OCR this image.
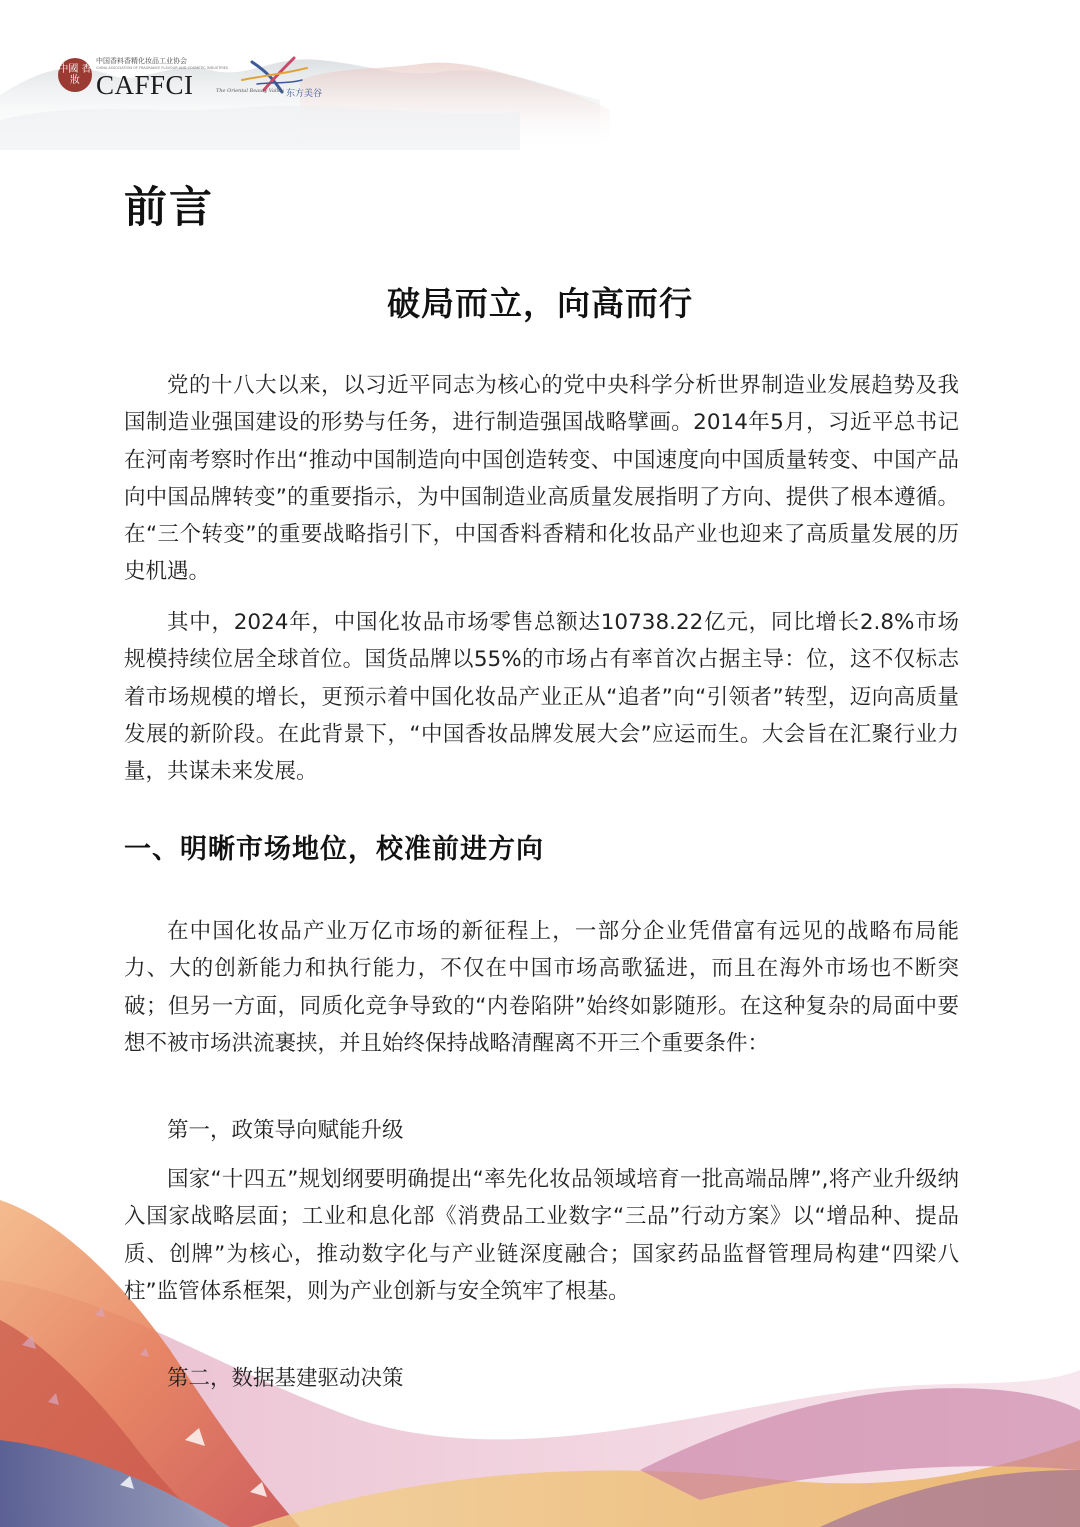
中國 香妝
中国香料香精化妆品工业协会
CHINA ASSOCIATION OF FRAGRANCE FLAVOUR AND COSMETIC INDUSTRIES
CAFFCI	The Oriental Beauty Valley 东方美谷
前言
破局而立，向高而行

党的十八大以来，以习近平同志为核心的党中央科学分析世界制造业发展趋势及我国制造业强国建设的形势与任务，进行制造强国战略擘画。2014年5月，习近平总书记在河南考察时作出“推动中国制造向中国创造转变、中国速度向中国质量转变、中国产品向中国品牌转变”的重要指示，为中国制造业高质量发展指明了方向、提供了根本遵循。在“三个转变”的重要战略指引下，中国香料香精和化妆品产业也迎来了高质量发展的历史机遇。

其中，2024年，中国化妆品市场零售总额达10738.22亿元，同比增长2.8%市场规模持续位居全球首位。国货品牌以55%的市场占有率首次占据主导：位，这不仅标志着市场规模的增长，更预示着中国化妆品产业正从“追者”向“引领者”转型，迈向高质量发展的新阶段。在此背景下，“中国香妆品牌发展大会”应运而生。大会旨在汇聚行业力量，共谋未来发展。

一、明晰市场地位，校准前进方向

在中国化妆品产业万亿市场的新征程上，一部分企业凭借富有远见的战略布局能力、大的创新能力和执行能力，不仅在中国市场高歌猛进，而且在海外市场也不断突破；但另一方面，同质化竞争导致的“内卷陷阱”始终如影随形。在这种复杂的局面中要想不被市场洪流裹挟，并且始终保持战略清醒离不开三个重要条件：

第一，政策导向赋能升级

国家“十四五”规划纲要明确提出“率先化妆品领域培育一批高端品牌”,将产业升级纳入国家战略层面；工业和息化部《消费品工业数字“三品”行动方案》以“增品种、提品质、创牌”为核心，推动数字化与产业链深度融合；国家药品监督管理局构建“四梁八柱”监管体系框架，则为产业创新与安全筑牢了根基。

第二，数据基建驱动决策
